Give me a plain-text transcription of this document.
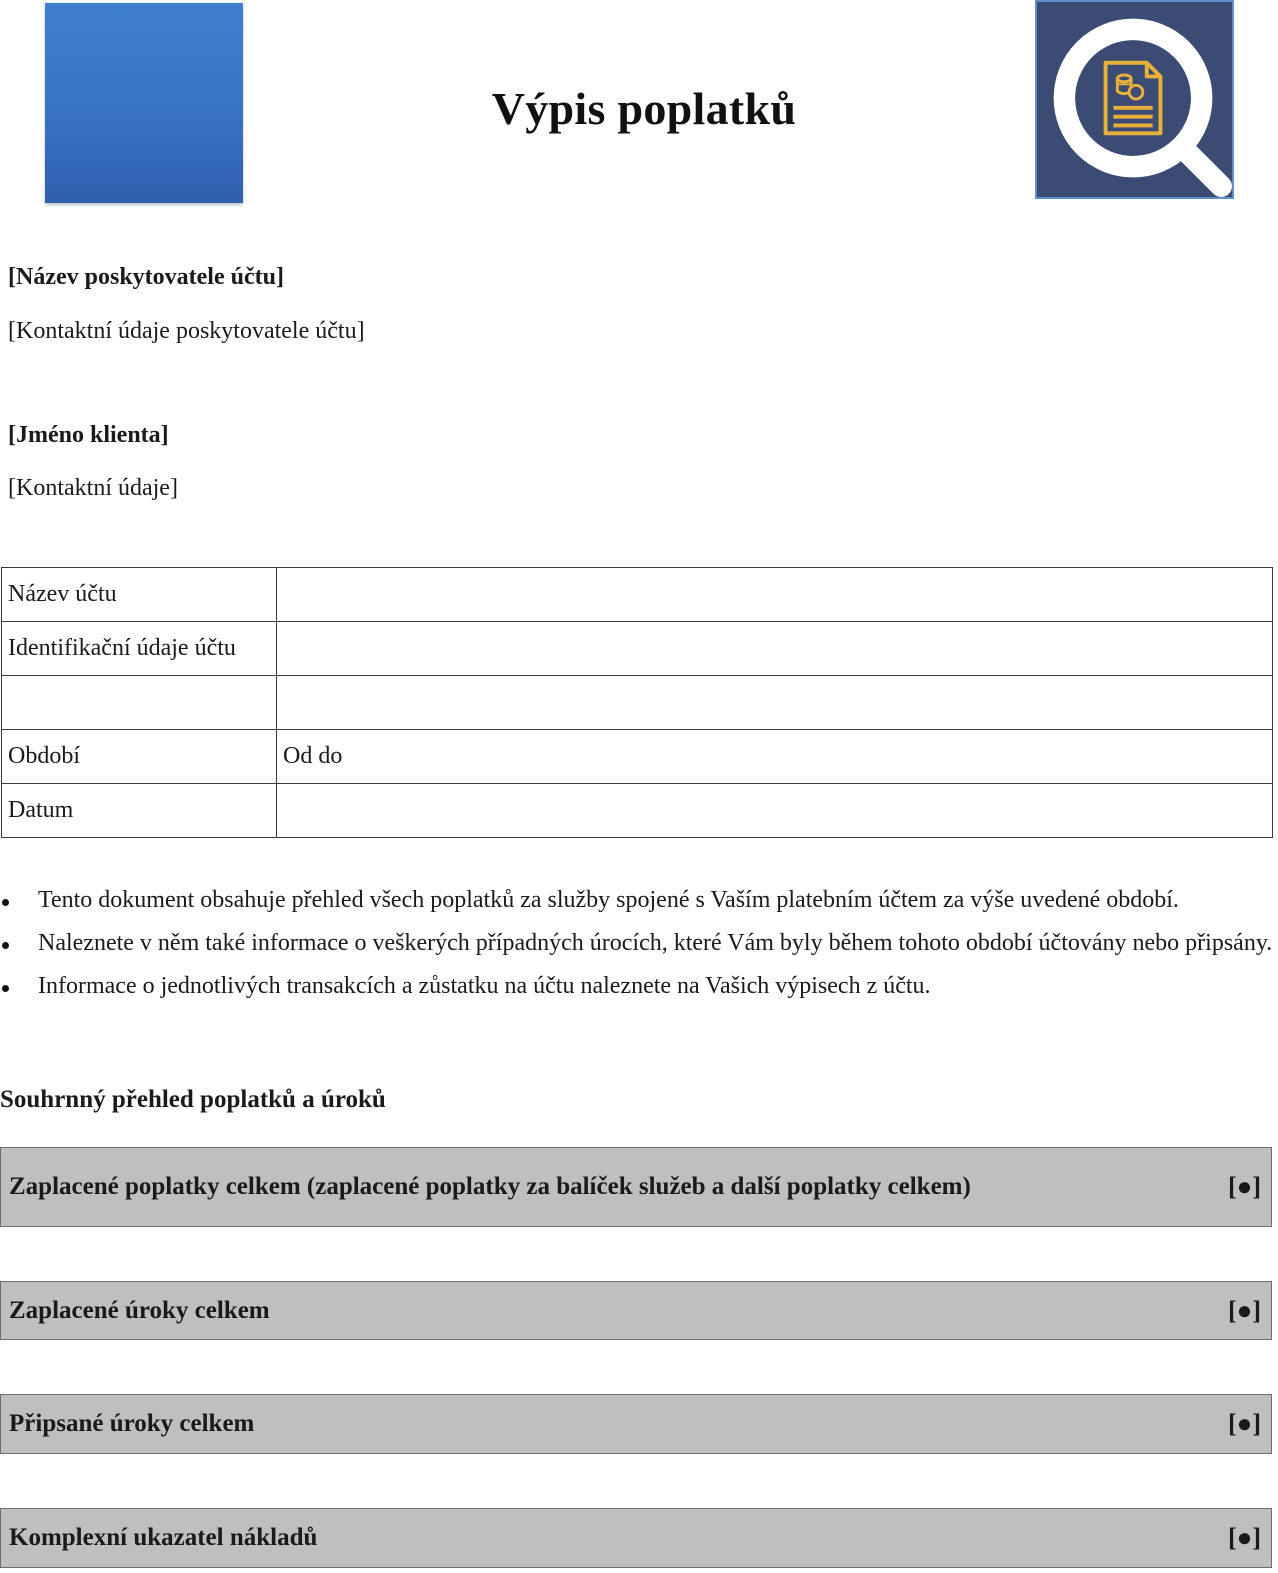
Výpis poplatků
[Název poskytovatele účtu]
[Kontaktní údaje poskytovatele účtu]
[Jméno klienta]
[Kontaktní údaje]
Název účtu	
Identifikační údaje účtu	

Období	Od do
Datum	
Tento dokument obsahuje přehled všech poplatků za služby spojené s Vaším platebním účtem za výše uvedené období.
Naleznete v něm také informace o veškerých případných úrocích, které Vám byly během tohoto období účtovány nebo připsány.
Informace o jednotlivých transakcích a zůstatku na účtu naleznete na Vašich výpisech z účtu.
Souhrnný přehled poplatků a úroků
Zaplacené poplatky celkem (zaplacené poplatky za balíček služeb a další poplatky celkem)	[●]
Zaplacené úroky celkem	[●]
Připsané úroky celkem	[●]
Komplexní ukazatel nákladů	[●]
